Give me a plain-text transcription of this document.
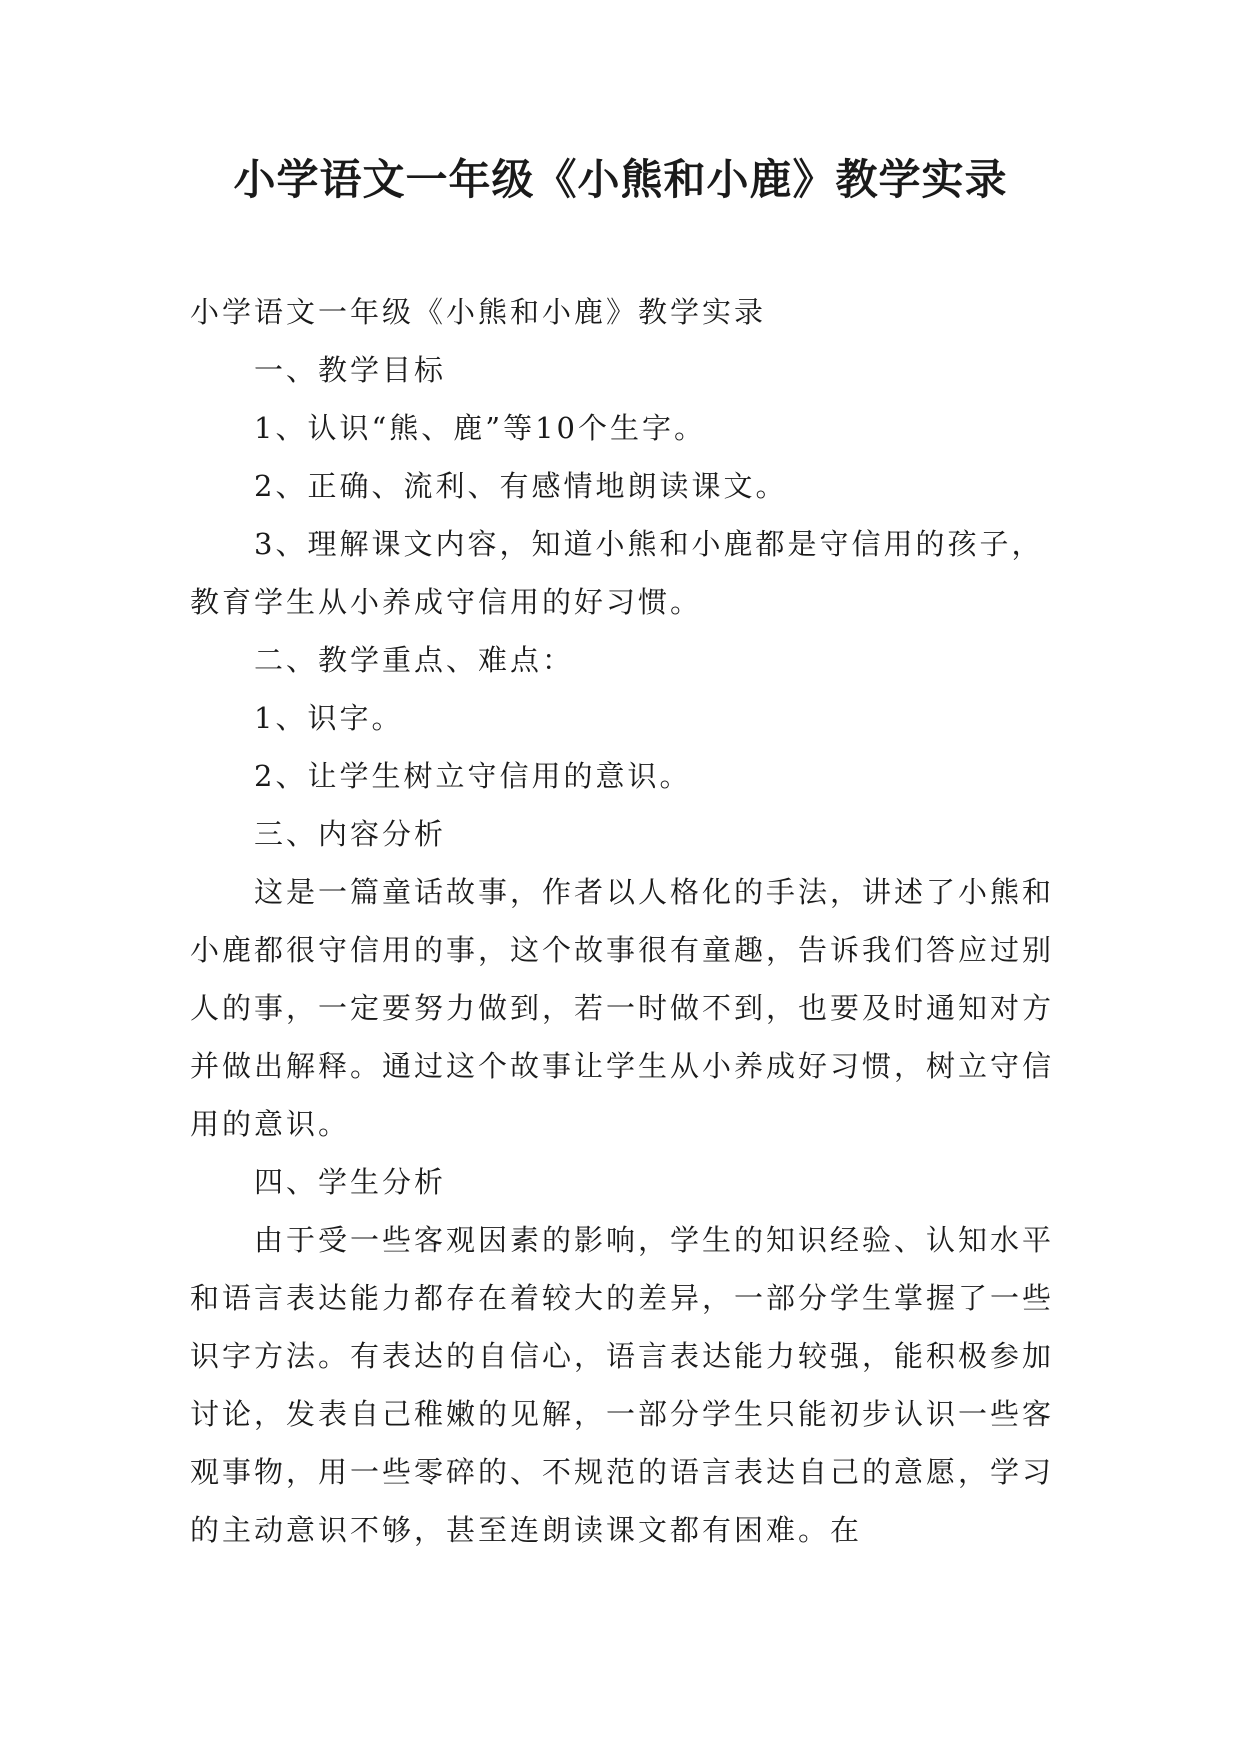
小学语文一年级《小熊和小鹿》教学实录

小学语文一年级《小熊和小鹿》教学实录

一、教学目标

1、认识“熊、鹿”等10个生字。

2、正确、流利、有感情地朗读课文。

3、理解课文内容，知道小熊和小鹿都是守信用的孩子，教育学生从小养成守信用的好习惯。

二、教学重点、难点：

1、识字。

2、让学生树立守信用的意识。

三、内容分析

这是一篇童话故事，作者以人格化的手法，讲述了小熊和小鹿都很守信用的事，这个故事很有童趣，告诉我们答应过别人的事，一定要努力做到，若一时做不到，也要及时通知对方并做出解释。通过这个故事让学生从小养成好习惯，树立守信用的意识。

四、学生分析

由于受一些客观因素的影响，学生的知识经验、认知水平和语言表达能力都存在着较大的差异，一部分学生掌握了一些识字方法。有表达的自信心，语言表达能力较强，能积极参加讨论，发表自己稚嫩的见解，一部分学生只能初步认识一些客观事物，用一些零碎的、不规范的语言表达自己的意愿，学习的主动意识不够，甚至连朗读课文都有困难。在
